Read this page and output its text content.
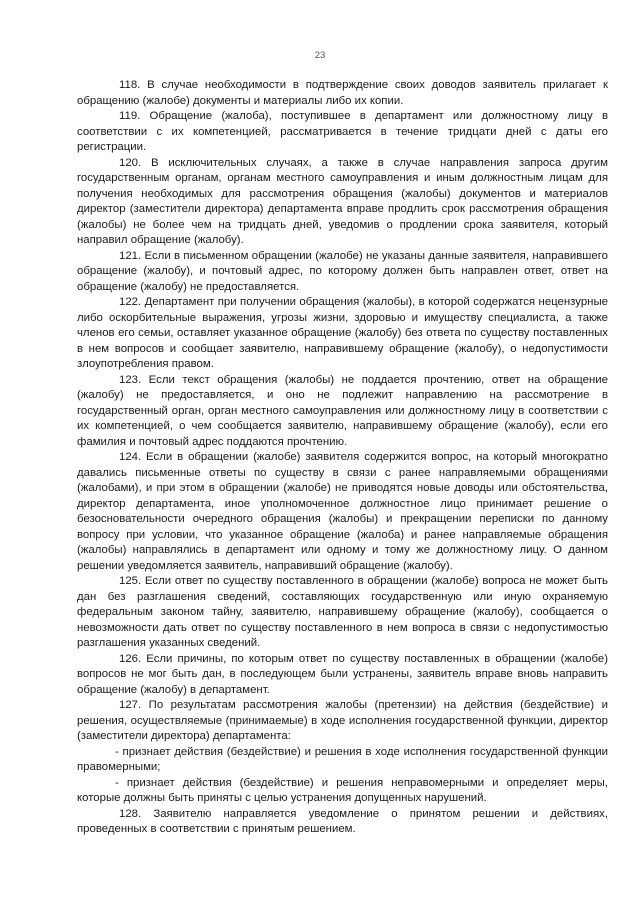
23

118. В случае необходимости в подтверждение своих доводов заявитель прилагает к обращению (жалобе) документы и материалы либо их копии.

119. Обращение (жалоба), поступившее в департамент или должностному лицу в соответствии с их компетенцией, рассматривается в течение тридцати дней с даты его регистрации.

120. В исключительных случаях, а также в случае направления запроса другим государственным органам, органам местного самоуправления и иным должностным лицам для получения необходимых для рассмотрения обращения (жалобы) документов и материалов директор (заместители директора) департамента вправе продлить срок рассмотрения обращения (жалобы) не более чем на тридцать дней, уведомив о продлении срока заявителя, который направил обращение (жалобу).

121. Если в письменном обращении (жалобе) не указаны данные заявителя, направившего обращение (жалобу), и почтовый адрес, по которому должен быть направлен ответ, ответ на обращение (жалобу) не предоставляется.

122. Департамент при получении обращения (жалобы), в которой содержатся нецензурные либо оскорбительные выражения, угрозы жизни, здоровью и имуществу специалиста, а также членов его семьи, оставляет указанное обращение (жалобу) без ответа по существу поставленных в нем вопросов и сообщает заявителю, направившему обращение (жалобу), о недопустимости злоупотребления правом.

123. Если текст обращения (жалобы) не поддается прочтению, ответ на обращение (жалобу) не предоставляется, и оно не подлежит направлению на рассмотрение в государственный орган, орган местного самоуправления или должностному лицу в соответствии с их компетенцией, о чем сообщается заявителю, направившему обращение (жалобу), если его фамилия и почтовый адрес поддаются прочтению.

124. Если в обращении (жалобе) заявителя содержится вопрос, на который многократно давались письменные ответы по существу в связи с ранее направляемыми обращениями (жалобами), и при этом в обращении (жалобе) не приводятся новые доводы или обстоятельства, директор департамента, иное уполномоченное должностное лицо принимает решение о безосновательности очередного обращения (жалобы) и прекращении переписки по данному вопросу при условии, что указанное обращение (жалоба) и ранее направляемые обращения (жалобы) направлялись в департамент или одному и тому же должностному лицу. О данном решении уведомляется заявитель, направивший обращение (жалобу).

125. Если ответ по существу поставленного в обращении (жалобе) вопроса не может быть дан без разглашения сведений, составляющих государственную или иную охраняемую федеральным законом тайну, заявителю, направившему обращение (жалобу), сообщается о невозможности дать ответ по существу поставленного в нем вопроса в связи с недопустимостью разглашения указанных сведений.

126. Если причины, по которым ответ по существу поставленных в обращении (жалобе) вопросов не мог быть дан, в последующем были устранены, заявитель вправе вновь направить обращение (жалобу) в департамент.

127. По результатам рассмотрения жалобы (претензии) на действия (бездействие) и решения, осуществляемые (принимаемые) в ходе исполнения государственной функции, директор (заместители директора) департамента:

- признает действия (бездействие) и решения в ходе исполнения государственной функции правомерными;

- признает действия (бездействие) и решения неправомерными и определяет меры, которые должны быть приняты с целью устранения допущенных нарушений.

128. Заявителю направляется уведомление о принятом решении и действиях, проведенных в соответствии с принятым решением.
